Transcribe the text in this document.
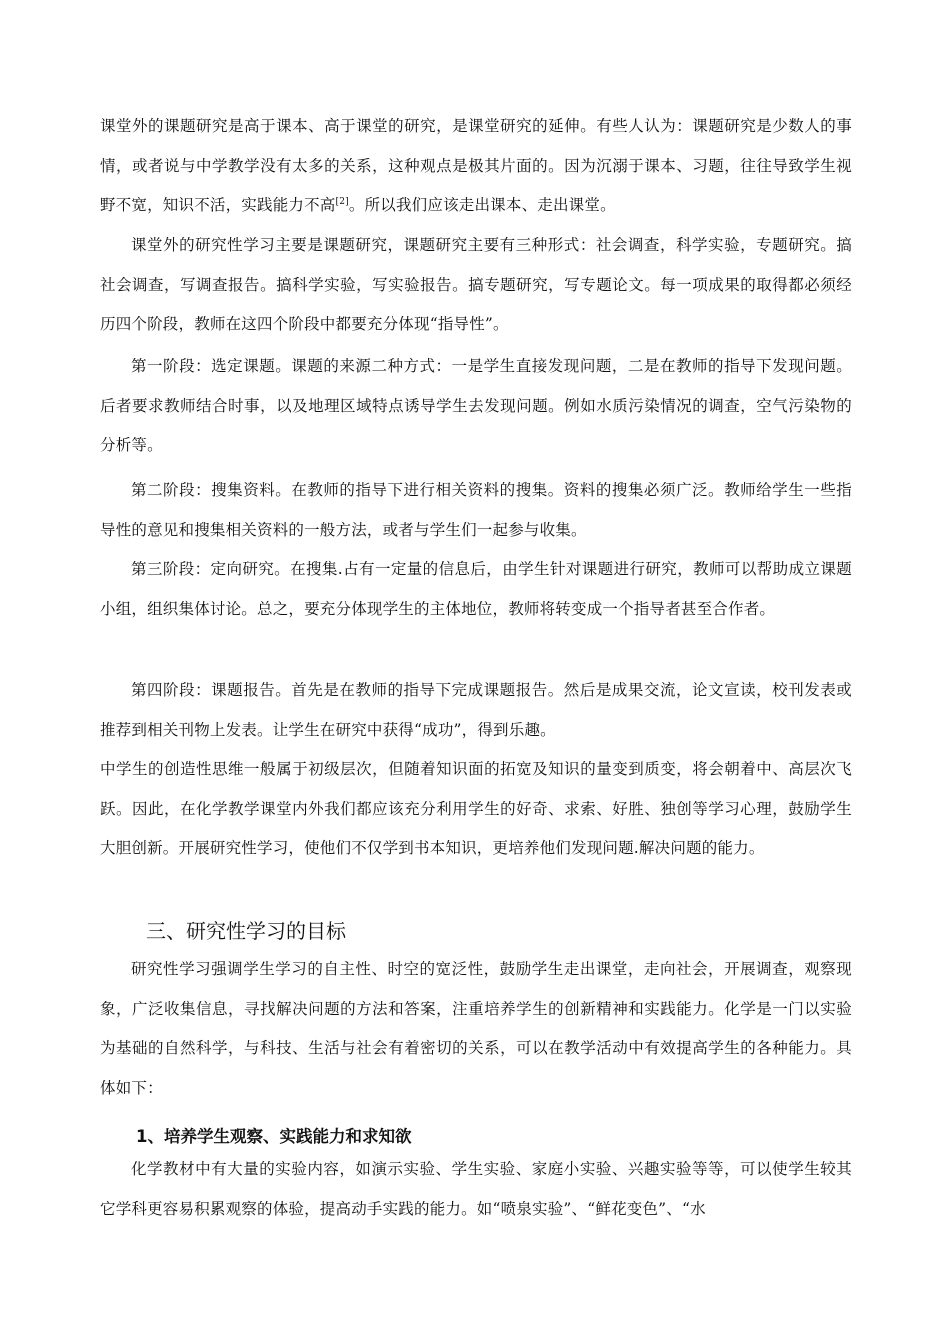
课堂外的课题研究是高于课本、高于课堂的研究，是课堂研究的延伸。有些人认为：课题研究是少数人的事情，或者说与中学教学没有太多的关系，这种观点是极其片面的。因为沉溺于课本、习题，往往导致学生视野不宽，知识不活，实践能力不高[2]。所以我们应该走出课本、走出课堂。

课堂外的研究性学习主要是课题研究，课题研究主要有三种形式：社会调查，科学实验，专题研究。搞社会调查，写调查报告。搞科学实验，写实验报告。搞专题研究，写专题论文。每一项成果的取得都必须经历四个阶段，教师在这四个阶段中都要充分体现“指导性”。

第一阶段：选定课题。课题的来源二种方式：一是学生直接发现问题，二是在教师的指导下发现问题。后者要求教师结合时事，以及地理区域特点诱导学生去发现问题。例如水质污染情况的调查，空气污染物的分析等。

第二阶段：搜集资料。在教师的指导下进行相关资料的搜集。资料的搜集必须广泛。教师给学生一些指导性的意见和搜集相关资料的一般方法，或者与学生们一起参与收集。

第三阶段：定向研究。在搜集.占有一定量的信息后，由学生针对课题进行研究，教师可以帮助成立课题小组，组织集体讨论。总之，要充分体现学生的主体地位，教师将转变成一个指导者甚至合作者。

第四阶段：课题报告。首先是在教师的指导下完成课题报告。然后是成果交流，论文宣读，校刊发表或推荐到相关刊物上发表。让学生在研究中获得“成功”，得到乐趣。

中学生的创造性思维一般属于初级层次，但随着知识面的拓宽及知识的量变到质变，将会朝着中、高层次飞跃。因此，在化学教学课堂内外我们都应该充分利用学生的好奇、求索、好胜、独创等学习心理，鼓励学生大胆创新。开展研究性学习，使他们不仅学到书本知识，更培养他们发现问题.解决问题的能力。

三、研究性学习的目标

研究性学习强调学生学习的自主性、时空的宽泛性，鼓励学生走出课堂，走向社会，开展调查，观察现象，广泛收集信息，寻找解决问题的方法和答案，注重培养学生的创新精神和实践能力。化学是一门以实验为基础的自然科学，与科技、生活与社会有着密切的关系，可以在教学活动中有效提高学生的各种能力。具体如下：

1、培养学生观察、实践能力和求知欲

化学教材中有大量的实验内容，如演示实验、学生实验、家庭小实验、兴趣实验等等，可以使学生较其它学科更容易积累观察的体验，提高动手实践的能力。如“喷泉实验”、“鲜花变色”、“水
